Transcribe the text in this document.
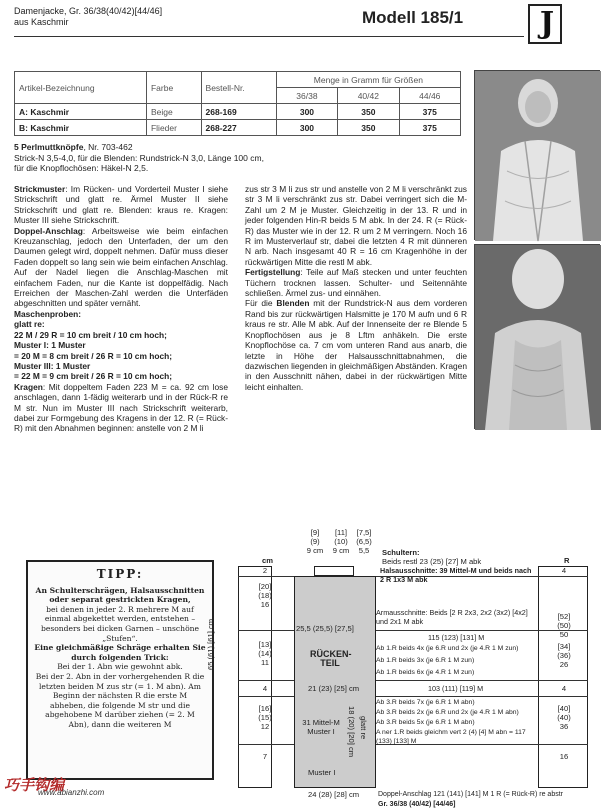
Damenjacke, Gr. 36/38(40/42)[44/46]
aus Kaschmir	Modell 185/1	J
Artikel-Bezeichnung	Farbe	Bestell-Nr.	Menge in Gramm für Größen		
			36/38	40/42	44/46
A: Kaschmir	Beige	268-169	300	350	375
B: Kaschmir	Flieder	268-227	300	350	375
5 Perlmuttknöpfe, Nr. 703-462
Strick-N 3,5-4,0, für die Blenden: Rundstrick-N 3,0, Länge 100 cm,
für die Knopflochösen: Häkel-N 2,5.

Strickmuster: Im Rücken- und Vorderteil Muster I siehe Strickschrift und glatt re. Ärmel Muster II siehe Strickschrift und glatt re. Blenden: kraus re. Kragen: Muster III siehe Strickschrift.

Doppel-Anschlag: Arbeitsweise wie beim einfachen Kreuzanschlag, jedoch den Unterfaden, der um den Daumen gelegt wird, doppelt nehmen. Dafür muss dieser Faden doppelt so lang sein wie beim einfachen Anschlag. Auf der Nadel liegen die Anschlag-Maschen mit einfachem Faden, nur die Kante ist doppelfädig. Nach Erreichen der Maschen-Zahl werden die Unterfäden abgeschnitten und später vernäht.

Maschenproben:

glatt re:

22 M / 29 R = 10 cm breit / 10 cm hoch;

Muster I: 1 Muster

= 20 M = 8 cm breit / 26 R = 10 cm hoch;

Muster III: 1 Muster

= 22 M = 9 cm breit / 26 R = 10 cm hoch;

Kragen: Mit doppeltem Faden 223 M = ca. 92 cm lose anschlagen, dann 1-fädig weiterarb und in der Rück-R re M str. Nun im Muster III nach Strickschrift weiterarb, dabei zur Formgebung des Kragens in der 12. R (= Rück-R) mit den Abnahmen beginnen: anstelle von 2 M li

zus str 3 M li zus str und anstelle von 2 M li verschränkt zus str 3 M li verschränkt zus str. Dabei verringert sich die M-Zahl um 2 M je Muster. Gleichzeitig in der 13. R und in jeder folgenden Hin-R beids 5 M abk. In der 24. R (= Rück-R) das Muster wie in der 12. R um 2 M verringern. Noch 16 R im Musterverlauf str, dabei die letzten 4 R mit dünneren N arb. Nach insgesamt 40 R = 16 cm Kragenhöhe in der rückwärtigen Mitte die restl M abk.

Fertigstellung: Teile auf Maß stecken und unter feuchten Tüchern trocknen lassen. Schulter- und Seitennähte schließen. Ärmel zus- und einnähen.

Für die Blenden mit der Rundstrick-N aus dem vorderen Rand bis zur rückwärtigen Halsmitte je 170 M aufn und 6 R kraus re str. Alle M abk. Auf der Innenseite der re Blende 5 Knopflochösen aus je 8 Lftm anhäkeln. Die erste Knopflochöse ca. 7 cm vom unteren Rand aus anarb, die letzte in Höhe der Halsausschnittabnahmen, die dazwischen liegenden in gleichmäßigen Abständen. Kragen in den Ausschnitt nähen, dabei in der rückwärtigen Mitte leicht einhalten.

TIPP:
An Schulterschrägen, Halsausschnitten oder separat gestrickten Kragen,
bei denen in jeder 2. R mehrere M auf einmal abgekettet werden, entstehen – besonders bei dicken Garnen – unschöne „Stufen“.
Eine gleichmäßige Schräge erhalten Sie durch folgenden Trick:
Bei der 1. Abn wie gewohnt abk.
Bei der 2. Abn in der vorhergehenden R die letzten beiden M zus str (= 1. M abn). Am Beginn der nächsten R die erste M abheben, die folgende M str und die abgehobene M darüber ziehen (= 2. M Abn), dann die weiteren M
[9]
(9)
9 cm
[11]
(10)
9 cm
[7,5]
(6,5)
5,5	Schultern:
Beids restl 23 (25) [27] M abk
cm	R
2
[20]
(18)
16
[13]
(14)
11
4
[16]
(15)
12
7
65 (61) [61] cm
4
[52]
(50)
50
[34]
(36)
26
4
[40]
(40)
36
16
25,5 (25,5) [27,5]
21 (23) [25] cm
RÜCKEN-TEIL
31 Mittel-M Muster I	glatt re
18 (20) [20] cm
Muster I
Halsausschnitte: 39 Mittel-M und beids nach 2 R 1x3 M abk
Armausschnitte: Beids [2 R 2x3, 2x2 (3x2) [4x2] und 2x1 M abk
115 (123) [131] M
Ab 1.R beids 4x (je 6.R und 2x (je 4.R 1 M zun)
Ab 1.R beids 3x (je 6.R 1 M zun)
Ab 1.R beids 6x (je 4.R 1 M zun)
103 (111) [119] M
Ab 3.R beids 7x (je 6.R 1 M abn)
Ab 3.R beids 2x (je 6.R und 2x (je 4.R 1 M abn)
Ab 3.R beids 5x (je 6.R 1 M abn)
A ner 1.R beids gleichm vert 2 (4) [4] M abn = 117 (133) [133] M
24 (28) [28] cm	Doppel-Anschlag 121 (141) [141] M 1 R (= Rück-R) re abstr
Gr. 36/38 (40/42) [44/46]
巧手钩编
www.abianzhi.com
